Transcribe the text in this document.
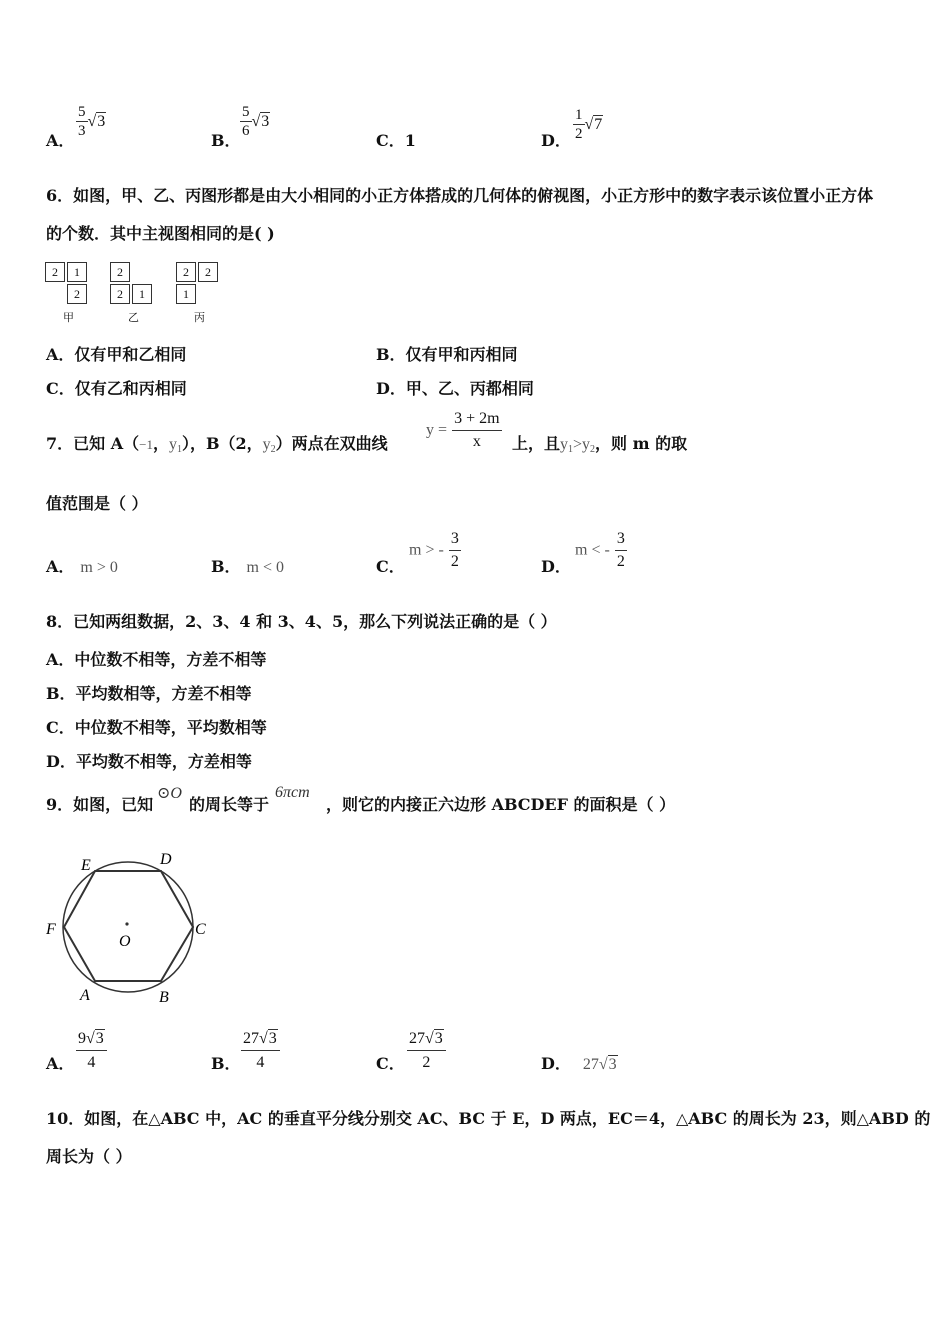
A．
$\frac{5}{3} √3$
B．
$\frac{5}{6} √3$
C．1	D． $\frac{1}{2} √7$
6．如图，甲、乙、丙图形都是由大小相同的小正方体搭成的几何体的俯视图，小正方形中的数字表示该位置小正方体
的个数．其中主视图相同的是( )
2	1
2
甲
2
2	1
乙
2	2
1
丙
A．仅有甲和乙相同	B．仅有甲和丙相同
C．仅有乙和丙相同	D．甲、乙、丙都相同
7．已知 A（−1，$y_1$），B（2，$y_2$）两点在双曲线
$y = \frac{3 + 2m}{x}$ 上，且$y_1>y_2$，则 m 的取
值范围是（ ）
A． m > 0	B． m < 0	C．
m > - $\frac{3}{2}$	D．
m < - $\frac{3}{2}$
8．已知两组数据，2、3、4 和 3、4、5，那么下列说法正确的是（ ）
A．中位数不相等，方差不相等
B．平均数相等，方差不相等
C．中位数不相等，平均数相等
D．平均数不相等，方差相等
9．如图，已知
⊙O
的周长等于
6πcm
，则它的内接正六边形 ABCDEF 的面积是（ ）
E	D
F	C
O
A	B
A． $\frac{9√3}{4}$	B． $\frac{27√3}{4}$	C． $\frac{27√3}{2}$	D． 27√3
10．如图，在△ABC 中，AC 的垂直平分线分别交 AC、BC 于 E，D 两点，EC＝4，△ABC 的周长为 23，则△ABD 的
周长为（ ）
